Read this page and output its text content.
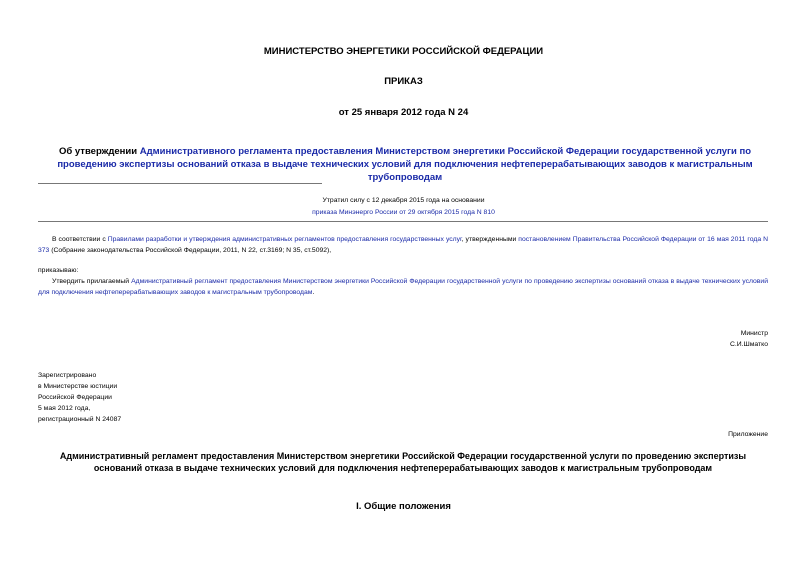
МИНИСТЕРСТВО ЭНЕРГЕТИКИ РОССИЙСКОЙ ФЕДЕРАЦИИ
ПРИКАЗ
от 25 января 2012 года N 24
Об утверждении Административного регламента предоставления Министерством энергетики Российской Федерации государственной услуги по проведению экспертизы оснований отказа в выдаче технических условий для подключения нефтеперерабатывающих заводов к магистральным трубопроводам
Утратил силу с 12 декабря 2015 года на основании
приказа Минэнерго России от 29 октября 2015 года N 810
В соответствии с Правилами разработки и утверждения административных регламентов предоставления государственных услуг, утвержденными постановлением Правительства Российской Федерации от 16 мая 2011 года N 373 (Собрание законодательства Российской Федерации, 2011, N 22, ст.3169; N 35, ст.5092),
приказываю:
Утвердить прилагаемый Административный регламент предоставления Министерством энергетики Российской Федерации государственной услуги по проведению экспертизы оснований отказа в выдаче технических условий для подключения нефтеперерабатывающих заводов к магистральным трубопроводам.
Министр
С.И.Шматко
Зарегистрировано
в Министерстве юстиции
Российской Федерации
5 мая 2012 года,
регистрационный N 24087
Приложение
Административный регламент предоставления Министерством энергетики Российской Федерации государственной услуги по проведению экспертизы оснований отказа в выдаче технических условий для подключения нефтеперерабатывающих заводов к магистральным трубопроводам
I. Общие положения
